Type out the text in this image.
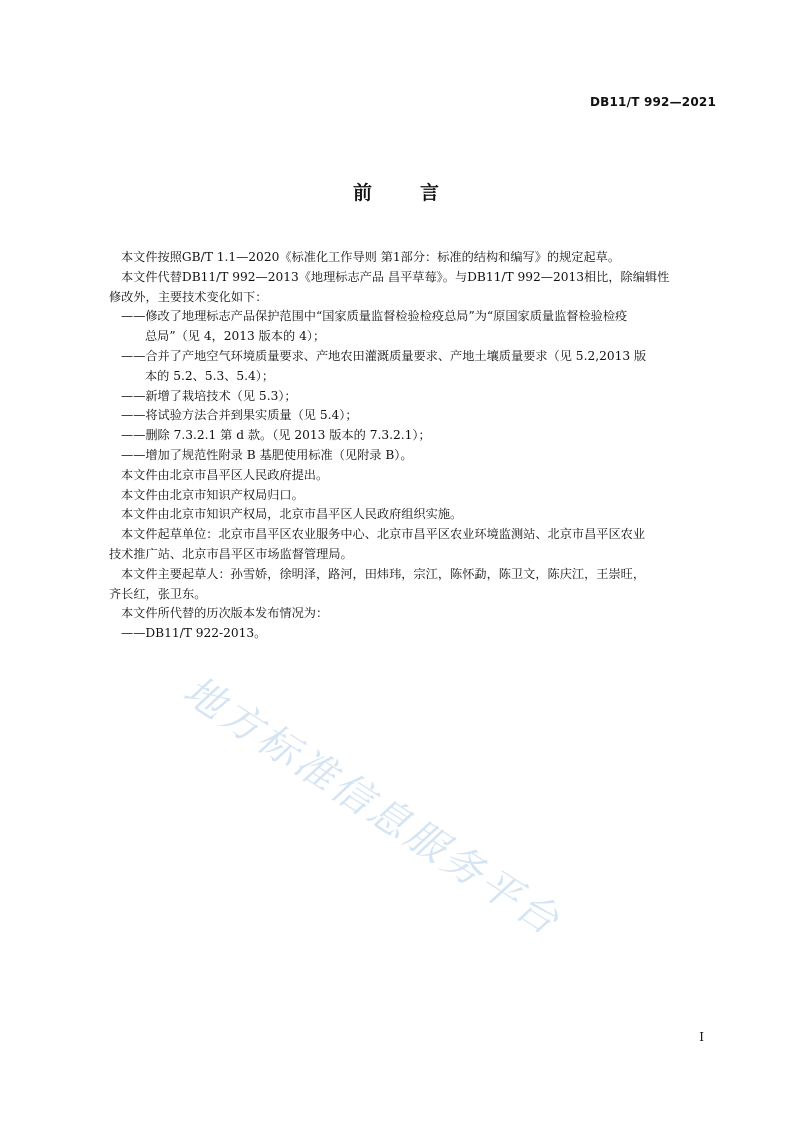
DB11/T 992—2021
前言

本文件按照GB/T 1.1—2020《标准化工作导则 第1部分：标准的结构和编写》的规定起草。

本文件代替DB11/T 992—2013《地理标志产品 昌平草莓》。与DB11/T 992—2013相比，除编辑性

修改外，主要技术变化如下：

——修改了地理标志产品保护范围中“国家质量监督检验检疫总局”为“原国家质量监督检验检疫

总局”（见 4，2013 版本的 4）；

——合并了产地空气环境质量要求、产地农田灌溉质量要求、产地土壤质量要求（见 5.2,2013 版

本的 5.2、5.3、5.4）；

——新增了栽培技术（见 5.3）；

——将试验方法合并到果实质量（见 5.4）；

——删除 7.3.2.1 第 d 款。（见 2013 版本的 7.3.2.1）；

——增加了规范性附录 B 基肥使用标准（见附录 B）。

本文件由北京市昌平区人民政府提出。

本文件由北京市知识产权局归口。

本文件由北京市知识产权局，北京市昌平区人民政府组织实施。

本文件起草单位：北京市昌平区农业服务中心、北京市昌平区农业环境监测站、北京市昌平区农业

技术推广站、北京市昌平区市场监督管理局。

本文件主要起草人：孙雪娇，徐明泽，路河，田炜玮，宗江，陈怀勐，陈卫文，陈庆江，王崇旺，

齐长红，张卫东。

本文件所代替的历次版本发布情况为：

——DB11/T 922-2013。

地方标准信息服务平台
I
